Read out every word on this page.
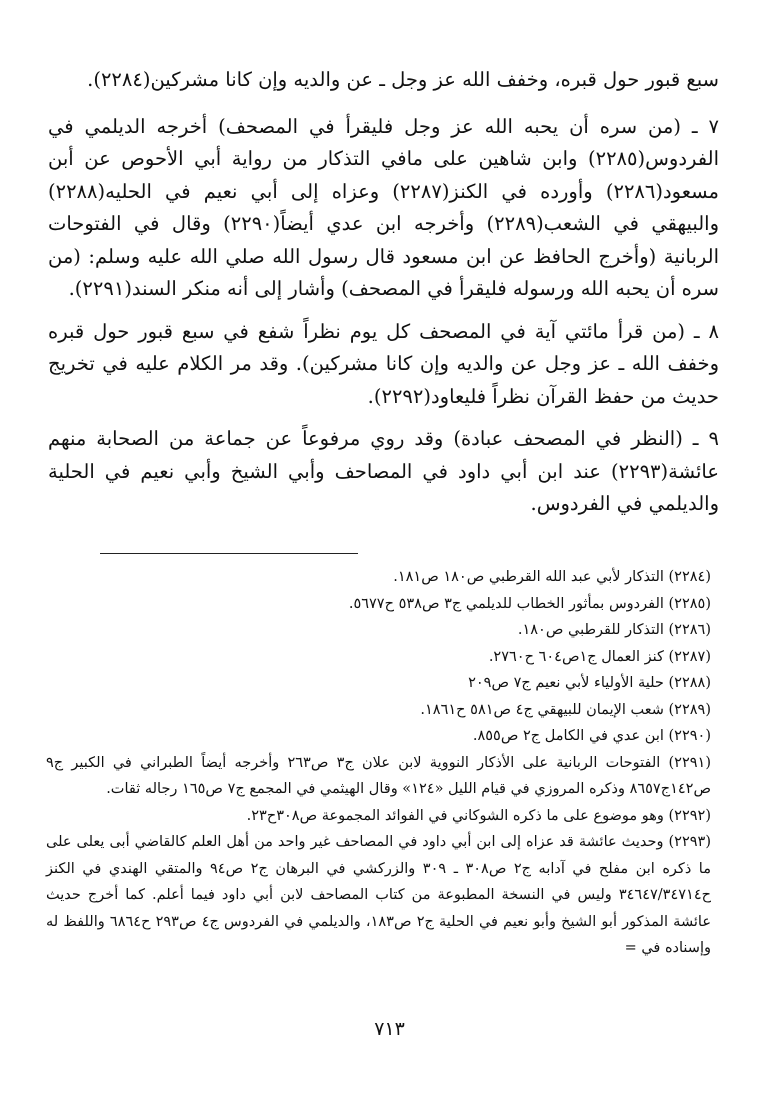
سبع قبور حول قبره، وخفف الله عز وجل ـ عن والديه وإن كانا مشركين(٢٢٨٤).

٧ ـ (من سره أن يحبه الله عز وجل فليقرأ في المصحف) أخرجه الديلمي في الفردوس(٢٢٨٥) وابن شاهين على مافي التذكار من رواية أبي الأحوص عن أبن مسعود(٢٢٨٦) وأورده في الكنز(٢٢٨٧) وعزاه إلى أبي نعيم في الحليه(٢٢٨٨) والبيهقي في الشعب(٢٢٨٩) وأخرجه ابن عدي أيضاً(٢٢٩٠) وقال في الفتوحات الربانية (وأخرج الحافظ عن ابن مسعود قال رسول الله صلي الله عليه وسلم: (من سره أن يحبه الله ورسوله فليقرأ في المصحف) وأشار إلى أنه منكر السند(٢٢٩١).

٨ ـ (من قرأ مائتي آية في المصحف كل يوم نظراً شفع في سبع قبور حول قبره وخفف الله ـ عز وجل عن والديه وإن كانا مشركين). وقد مر الكلام عليه في تخريج حديث من حفظ القرآن نظراً فليعاود(٢٢٩٢).

٩ ـ (النظر في المصحف عبادة) وقد روي مرفوعاً عن جماعة من الصحابة منهم عائشة(٢٢٩٣) عند ابن أبي داود في المصاحف وأبي الشيخ وأبي نعيم في الحلية والديلمي في الفردوس.

(٢٢٨٤) التذكار لأبي عبد الله القرطبي ص١٨٠ ص١٨١.

(٢٢٨٥) الفردوس بمأثور الخطاب للديلمي ج٣ ص٥٣٨ ح٥٦٧٧.

(٢٢٨٦) التذكار للقرطبي ص١٨٠.

(٢٢٨٧) كنز العمال ج١ص٦٠٤ ح٢٧٦٠.

(٢٢٨٨) حلية الأولياء لأبي نعيم ج٧ ص٢٠٩

(٢٢٨٩) شعب الإيمان للبيهقي ج٤ ص٥٨١ ح١٨٦١.

(٢٢٩٠) ابن عدي في الكامل ج٢ ص٨٥٥.

(٢٢٩١) الفتوحات الربانية على الأذكار النووية لابن علان ج٣ ص٢٦٣ وأخرجه أيضاً الطبراني في الكبير ج٩ ص١٤٢ج٨٦٥٧ وذكره المروزي في قيام الليل «١٢٤» وقال الهيثمي في المجمع ج٧ ص١٦٥ رجاله ثقات.

(٢٢٩٢) وهو موضوع على ما ذكره الشوكاني في الفوائد المجموعة ص٣٠٨ح٢٣.

(٢٢٩٣) وحديث عائشة قد عزاه إلى ابن أبي داود في المصاحف غير واحد من أهل العلم كالقاضي أبى يعلى على ما ذكره ابن مفلح في آدابه ج٢ ص٣٠٨ ـ ٣٠٩ والزركشي في البرهان ج٢ ص٩٤ والمتقي الهندي في الكنز ح٣٤٦٤٧/٣٤٧١٤ وليس في النسخة المطبوعة من كتاب المصاحف لابن أبي داود فيما أعلم. كما أخرج حديث عائشة المذكور أبو الشيخ وأبو نعيم في الحلية ج٢ ص١٨٣، والديلمي في الفردوس ج٤ ص٢٩٣ ح٦٨٦٤ واللفظ له وإسناده في =

٧١٣
